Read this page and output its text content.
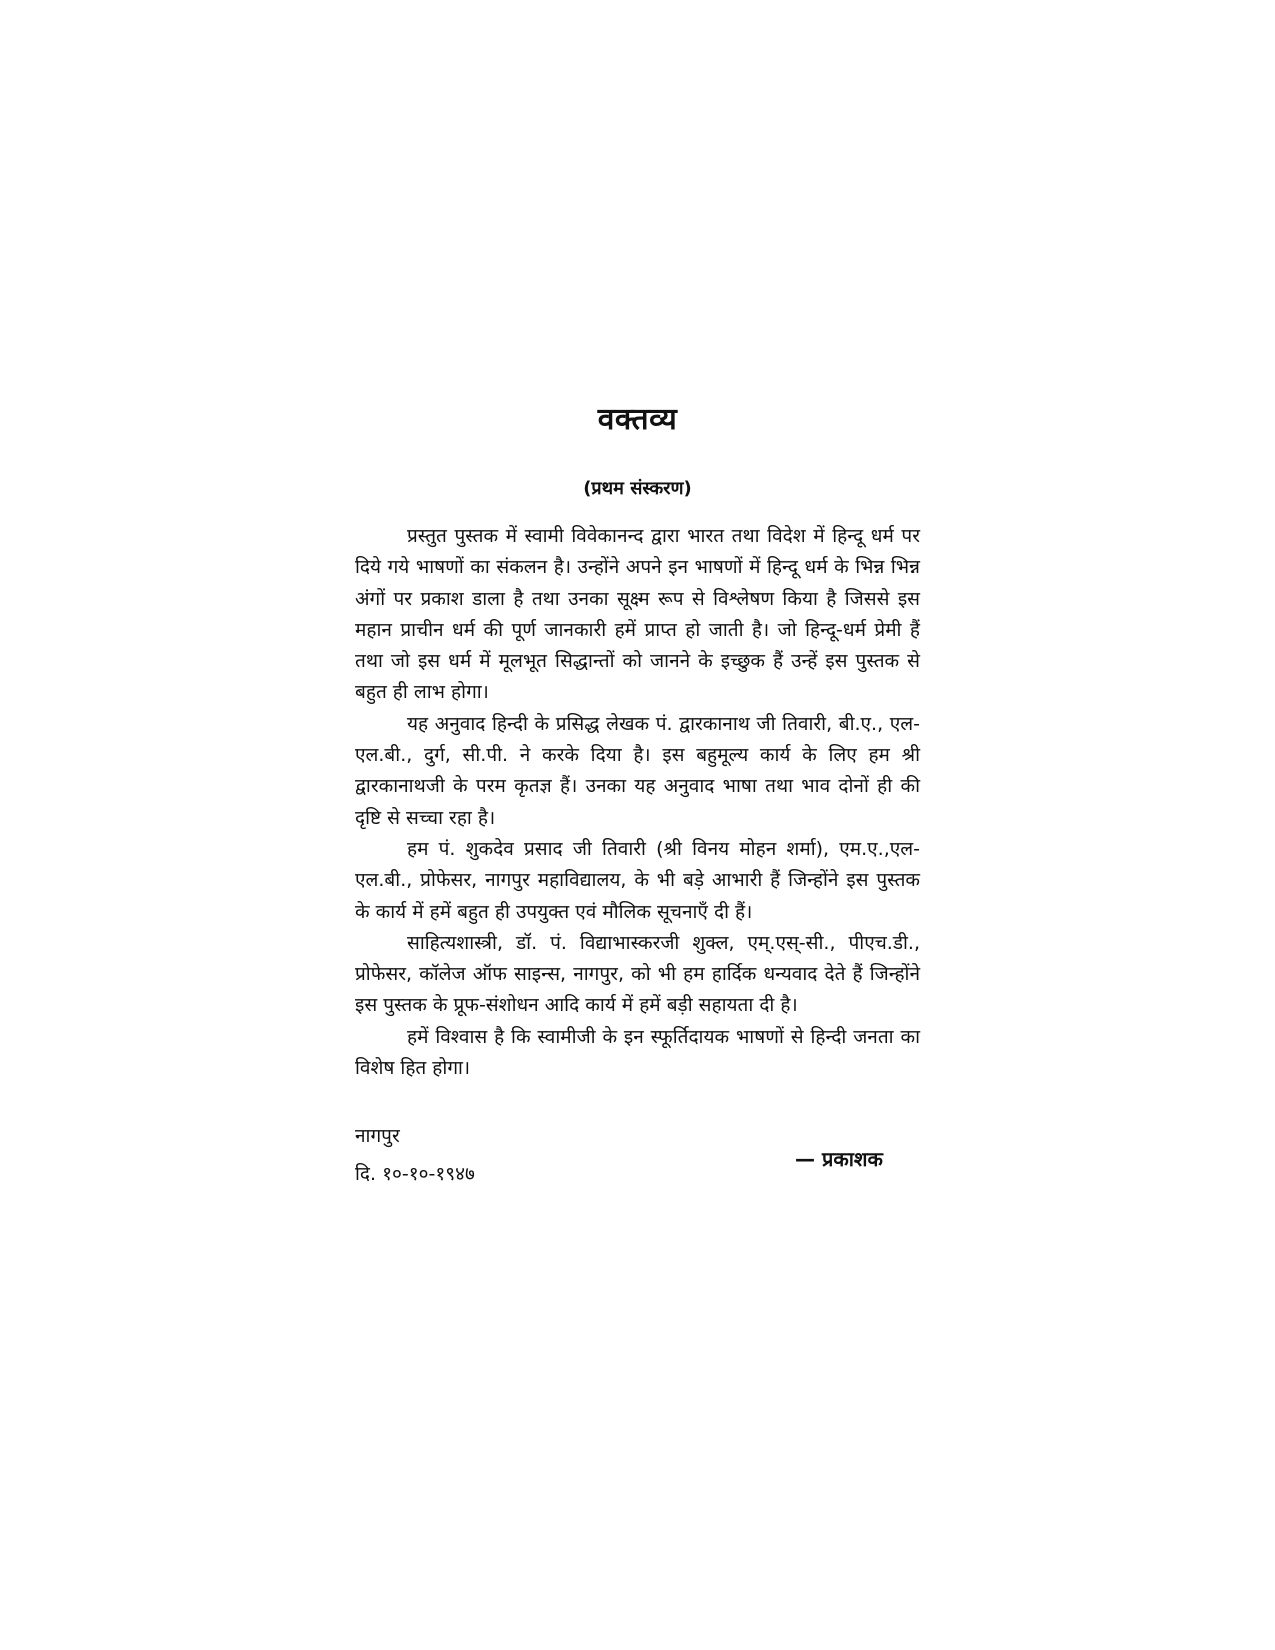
वक्तव्य
(प्रथम संस्करण)

प्रस्तुत पुस्तक में स्वामी विवेकानन्द द्वारा भारत तथा विदेश में हिन्दू धर्म पर दिये गये भाषणों का संकलन है। उन्होंने अपने इन भाषणों में हिन्दू धर्म के भिन्न भिन्न अंगों पर प्रकाश डाला है तथा उनका सूक्ष्म रूप से विश्लेषण किया है जिससे इस महान प्राचीन धर्म की पूर्ण जानकारी हमें प्राप्त हो जाती है। जो हिन्दू-धर्म प्रेमी हैं तथा जो इस धर्म में मूलभूत सिद्धान्तों को जानने के इच्छुक हैं उन्हें इस पुस्तक से बहुत ही लाभ होगा।

यह अनुवाद हिन्दी के प्रसिद्ध लेखक पं. द्वारकानाथ जी तिवारी, बी.ए., एल-एल.बी., दुर्ग, सी.पी. ने करके दिया है। इस बहुमूल्य कार्य के लिए हम श्री द्वारकानाथजी के परम कृतज्ञ हैं। उनका यह अनुवाद भाषा तथा भाव दोनों ही की दृष्टि से सच्चा रहा है।

हम पं. शुकदेव प्रसाद जी तिवारी (श्री विनय मोहन शर्मा), एम.ए.,एल-एल.बी., प्रोफेसर, नागपुर महाविद्यालय, के भी बड़े आभारी हैं जिन्होंने इस पुस्तक के कार्य में हमें बहुत ही उपयुक्त एवं मौलिक सूचनाएँ दी हैं।

साहित्यशास्त्री, डॉ. पं. विद्याभास्करजी शुक्ल, एम्.एस्-सी., पीएच.डी., प्रोफेसर, कॉलेज ऑफ साइन्स, नागपुर, को भी हम हार्दिक धन्यवाद देते हैं जिन्होंने इस पुस्तक के प्रूफ-संशोधन आदि कार्य में हमें बड़ी सहायता दी है।

हमें विश्वास है कि स्वामीजी के इन स्फूर्तिदायक भाषणों से हिन्दी जनता का विशेष हित होगा।

नागपुर
दि. १०-१०-१९४७
— प्रकाशक
